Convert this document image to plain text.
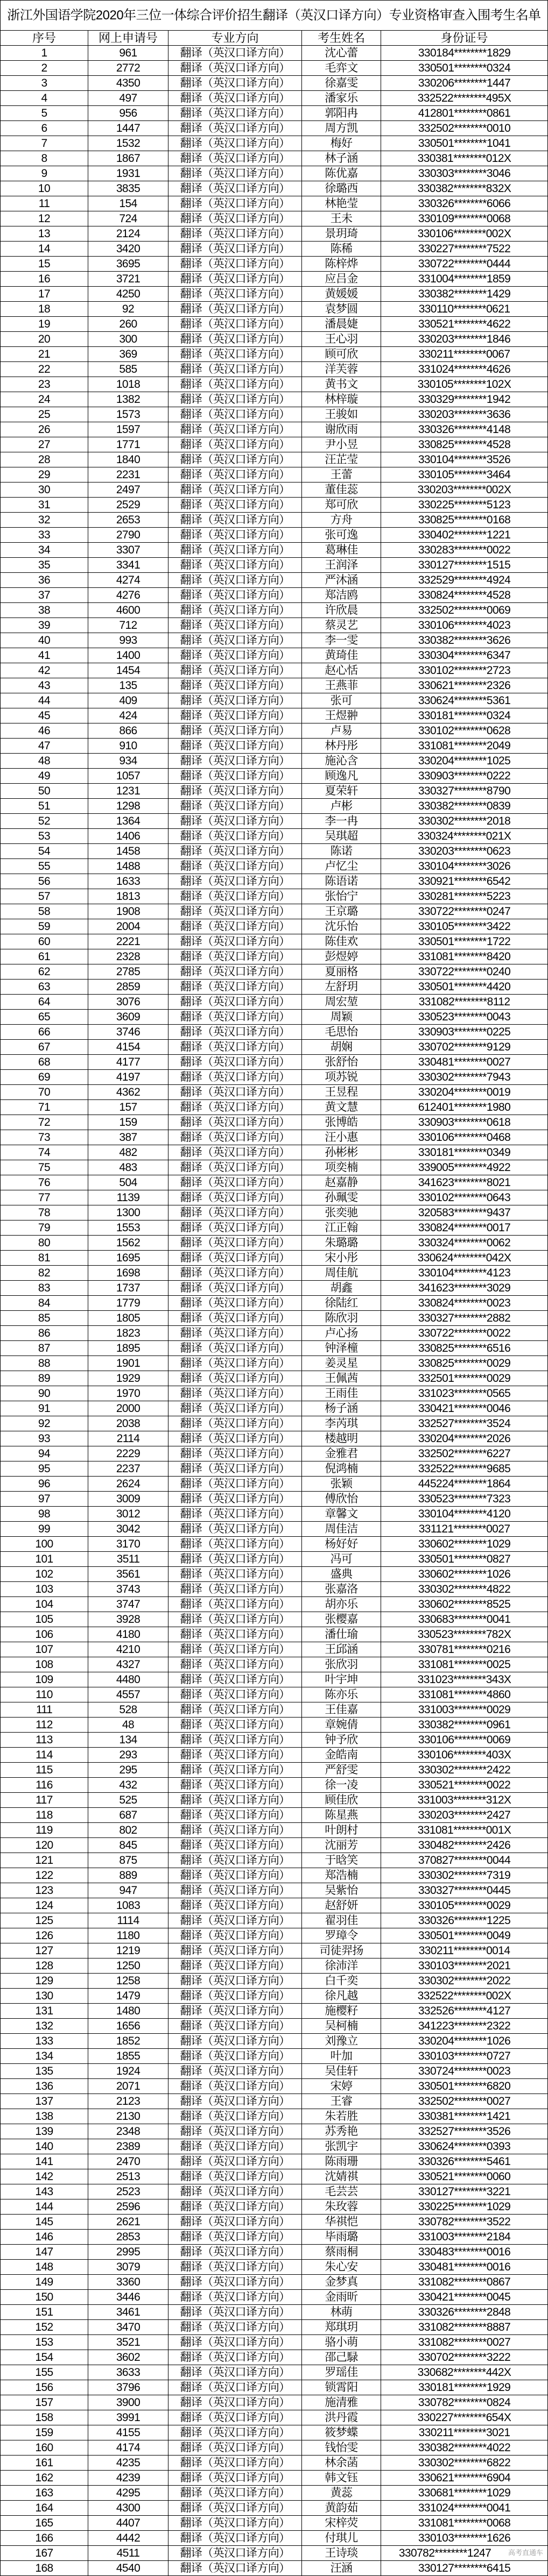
浙江外国语学院2020年三位一体综合评价招生翻译（英汉口译方向）专业资格审查入围考生名单
序号	网上申请号	专业方向	考生姓名	身份证号
1	961	翻译（英汉口译方向）	沈心蕾	330184********1829
2	2772	翻译（英汉口译方向）	毛弈文	330501********0324
3	4350	翻译（英汉口译方向）	徐嘉雯	330206********1447
4	497	翻译（英汉口译方向）	潘家乐	332522********495X
5	956	翻译（英汉口译方向）	郭阳冉	412801********0861
6	1447	翻译（英汉口译方向）	周方凯	332502********0010
7	1532	翻译（英汉口译方向）	梅好	330501********1041
8	1867	翻译（英汉口译方向）	林子涵	330381********012X
9	1931	翻译（英汉口译方向）	陈优嘉	330303********3046
10	3835	翻译（英汉口译方向）	徐璐西	330382********832X
11	154	翻译（英汉口译方向）	林艳莹	330326********6066
12	724	翻译（英汉口译方向）	王未	330109********0068
13	2124	翻译（英汉口译方向）	景玥琦	330106********002X
14	3420	翻译（英汉口译方向）	陈稀	330227********7522
15	3695	翻译（英汉口译方向）	陈梓烨	330722********0444
16	3721	翻译（英汉口译方向）	应吕金	331004********1859
17	4250	翻译（英汉口译方向）	黄媛媛	330382********1429
18	92	翻译（英汉口译方向）	袁梦圆	330110********0621
19	260	翻译（英汉口译方向）	潘晨婕	330521********4622
20	300	翻译（英汉口译方向）	王心羽	330203********1846
21	369	翻译（英汉口译方向）	顾可欣	330211********0067
22	585	翻译（英汉口译方向）	洋芙蓉	331024********4626
23	1018	翻译（英汉口译方向）	黄书文	330105********102X
24	1382	翻译（英汉口译方向）	林梓璇	330329********1942
25	1573	翻译（英汉口译方向）	王骏如	330203********3636
26	1597	翻译（英汉口译方向）	谢欣雨	330326********4148
27	1771	翻译（英汉口译方向）	尹小昱	330825********4528
28	1840	翻译（英汉口译方向）	汪芷莹	330104********3526
29	2231	翻译（英汉口译方向）	王蕾	330105********3464
30	2497	翻译（英汉口译方向）	董佳蕊	330203********002X
31	2529	翻译（英汉口译方向）	郑可欣	330225********5123
32	2653	翻译（英汉口译方向）	方舟	330825********0168
33	2790	翻译（英汉口译方向）	张可逸	330402********1221
34	3307	翻译（英汉口译方向）	葛琳佳	330283********0022
35	3341	翻译（英汉口译方向）	王润泽	330127********1515
36	4274	翻译（英汉口译方向）	严沐涵	332529********4924
37	4276	翻译（英汉口译方向）	郑洁鸥	330824********4528
38	4600	翻译（英汉口译方向）	许欣晨	332502********0069
39	712	翻译（英汉口译方向）	蔡灵艺	330106********4023
40	993	翻译（英汉口译方向）	李一雯	330382********3626
41	1400	翻译（英汉口译方向）	黄琦佳	330304********6347
42	1454	翻译（英汉口译方向）	赵心恬	330102********2723
43	135	翻译（英汉口译方向）	王燕菲	330621********2326
44	409	翻译（英汉口译方向）	张可	330624********5361
45	424	翻译（英汉口译方向）	王煜翀	330181********0324
46	866	翻译（英汉口译方向）	卢易	330102********0628
47	910	翻译（英汉口译方向）	林丹彤	331081********2049
48	934	翻译（英汉口译方向）	施沁含	330204********1025
49	1057	翻译（英汉口译方向）	顾逸凡	330903********0222
50	1231	翻译（英汉口译方向）	夏荣轩	330327********8790
51	1298	翻译（英汉口译方向）	卢彬	330382********0839
52	1364	翻译（英汉口译方向）	李一冉	330302********2018
53	1406	翻译（英汉口译方向）	吴琪超	330324********021X
54	1458	翻译（英汉口译方向）	陈诺	330203********0623
55	1488	翻译（英汉口译方向）	卢忆尘	330104********3026
56	1633	翻译（英汉口译方向）	陈语诺	330921********6542
57	1813	翻译（英汉口译方向）	张怡宁	330281********5223
58	1908	翻译（英汉口译方向）	王京璐	330722********0247
59	2004	翻译（英汉口译方向）	沈乐怡	330105********3422
60	2221	翻译（英汉口译方向）	陈佳欢	330501********1722
61	2328	翻译（英汉口译方向）	彭煜婷	331081********8420
62	2785	翻译（英汉口译方向）	夏丽格	330722********0240
63	2859	翻译（英汉口译方向）	左舒玥	330501********4420
64	3076	翻译（英汉口译方向）	周宏堃	331082********8112
65	3609	翻译（英汉口译方向）	周颖	330523********0043
66	3746	翻译（英汉口译方向）	毛思怡	330903********0225
67	4154	翻译（英汉口译方向）	胡娴	330702********9129
68	4177	翻译（英汉口译方向）	张舒怡	330481********0027
69	4197	翻译（英汉口译方向）	项苏锐	330302********7943
70	4362	翻译（英汉口译方向）	王昱程	330204********0019
71	157	翻译（英汉口译方向）	黄文慧	612401********1980
72	159	翻译（英汉口译方向）	张博皓	330903********0618
73	387	翻译（英汉口译方向）	汪小惠	330106********0468
74	482	翻译（英汉口译方向）	孙彬彬	330181********0349
75	483	翻译（英汉口译方向）	项奕楠	339005********4922
76	504	翻译（英汉口译方向）	赵嘉静	341623********8021
77	1139	翻译（英汉口译方向）	孙珮雯	330102********0643
78	1300	翻译（英汉口译方向）	张奕驰	320583********9437
79	1553	翻译（英汉口译方向）	江正翰	330824********0017
80	1562	翻译（英汉口译方向）	朱璐璐	330324********0062
81	1695	翻译（英汉口译方向）	宋小彤	330624********042X
82	1698	翻译（英汉口译方向）	周佳航	330104********4123
83	1737	翻译（英汉口译方向）	胡鑫	341623********3029
84	1779	翻译（英汉口译方向）	徐陆红	330824********0023
85	1805	翻译（英汉口译方向）	陈欣羽	330327********2882
86	1823	翻译（英汉口译方向）	卢心扬	330722********0022
87	1895	翻译（英汉口译方向）	钟泽橦	330825********6516
88	1901	翻译（英汉口译方向）	姜灵星	330825********0029
89	1929	翻译（英汉口译方向）	王佩茜	332501********0029
90	1970	翻译（英汉口译方向）	王雨佳	331023********0565
91	2000	翻译（英汉口译方向）	杨子涵	330421********0046
92	2038	翻译（英汉口译方向）	李芮琪	332527********3524
93	2114	翻译（英汉口译方向）	楼越明	330204********2026
94	2229	翻译（英汉口译方向）	金雅君	332502********6227
95	2237	翻译（英汉口译方向）	倪鸿楠	332522********9685
96	2624	翻译（英汉口译方向）	张颖	445224********1864
97	3009	翻译（英汉口译方向）	傅欣怡	330523********7323
98	3012	翻译（英汉口译方向）	章馨文	330104********4120
99	3042	翻译（英汉口译方向）	周佳洁	331121********0027
100	3170	翻译（英汉口译方向）	杨好好	330602********1029
101	3511	翻译（英汉口译方向）	冯可	330501********0827
102	3561	翻译（英汉口译方向）	盛典	330602********1026
103	3743	翻译（英汉口译方向）	张嘉洛	330302********4822
104	3747	翻译（英汉口译方向）	胡亦乐	330602********8525
105	3928	翻译（英汉口译方向）	张樱嘉	330683********0041
106	4180	翻译（英汉口译方向）	潘仕瑜	330523********782X
107	4210	翻译（英汉口译方向）	王邱涵	330781********0216
108	4327	翻译（英汉口译方向）	张欣羽	331081********0025
109	4480	翻译（英汉口译方向）	叶宇坤	331023********343X
110	4557	翻译（英汉口译方向）	陈亦乐	331081********4860
111	528	翻译（英汉口译方向）	王佳嘉	331003********0029
112	48	翻译（英汉口译方向）	章婉倩	330382********0961
113	134	翻译（英汉口译方向）	钟予欣	330106********0069
114	293	翻译（英汉口译方向）	金皓南	330106********403X
115	295	翻译（英汉口译方向）	严舒雯	330302********2422
116	432	翻译（英汉口译方向）	徐一凌	330521********0022
117	525	翻译（英汉口译方向）	顾佳欣	331003********312X
118	687	翻译（英汉口译方向）	陈星燕	330203********2427
119	802	翻译（英汉口译方向）	叶朗村	331081********001X
120	845	翻译（英汉口译方向）	沈丽芳	330482********2426
121	875	翻译（英汉口译方向）	于晗笑	370827********0044
122	889	翻译（英汉口译方向）	郑浩楠	330302********7319
123	947	翻译（英汉口译方向）	吴紫怡	330327********0445
124	1083	翻译（英汉口译方向）	赵舒妍	330105********0029
125	1114	翻译（英汉口译方向）	翟羽佳	330326********1225
126	1180	翻译（英汉口译方向）	罗璋令	330501********0049
127	1219	翻译（英汉口译方向）	司徒羿扬	330211********0014
128	1250	翻译（英汉口译方向）	徐沛洋	330103********2021
129	1258	翻译（英汉口译方向）	白千奕	330302********2022
130	1479	翻译（英汉口译方向）	徐凡越	332522********002X
131	1480	翻译（英汉口译方向）	施樱籽	332526********4127
132	1656	翻译（英汉口译方向）	吴柯楠	341223********2322
133	1852	翻译（英汉口译方向）	刘豫立	330204********1026
134	1855	翻译（英汉口译方向）	叶加	330103********0727
135	1924	翻译（英汉口译方向）	吴佳轩	330724********0023
136	2071	翻译（英汉口译方向）	宋婷	330501********6820
137	2123	翻译（英汉口译方向）	王睿	332502********0027
138	2130	翻译（英汉口译方向）	朱若胜	330381********1421
139	2348	翻译（英汉口译方向）	苏秀艳	332527********3526
140	2389	翻译（英汉口译方向）	张凯宇	330624********0393
141	2470	翻译（英汉口译方向）	陈雨珊	330326********5461
142	2513	翻译（英汉口译方向）	沈婧祺	330521********0060
143	2523	翻译（英汉口译方向）	毛芸芸	330127********3221
144	2596	翻译（英汉口译方向）	朱玫蓉	330225********1029
145	2621	翻译（英汉口译方向）	华祺恺	330782********3522
146	2853	翻译（英汉口译方向）	毕雨璐	331003********2184
147	2995	翻译（英汉口译方向）	蔡雨桐	330483********0016
148	3079	翻译（英汉口译方向）	朱心安	330481********0016
149	3360	翻译（英汉口译方向）	金梦真	331082********0867
150	3446	翻译（英汉口译方向）	金雨昕	330421********0045
151	3461	翻译（英汉口译方向）	林萌	330326********2848
152	3470	翻译（英汉口译方向）	郑琪玥	331082********8887
153	3521	翻译（英汉口译方向）	骆小萌	331082********0027
154	3602	翻译（英汉口译方向）	邵己騄	330702********3222
155	3633	翻译（英汉口译方向）	罗瑶佳	330682********442X
156	3796	翻译（英汉口译方向）	锁霄阳	330181********1929
157	3900	翻译（英汉口译方向）	施清雅	330782********0824
158	3991	翻译（英汉口译方向）	洪丹霞	330227********654X
159	4155	翻译（英汉口译方向）	筱梦蝶	330211********3021
160	4174	翻译（英汉口译方向）	钱怡雯	330382********4022
161	4235	翻译（英汉口译方向）	林余菡	330302********6822
162	4239	翻译（英汉口译方向）	韩文钰	330621********6904
163	4295	翻译（英汉口译方向）	黄蕊	330681********1029
164	4300	翻译（英汉口译方向）	黄韵茹	331024********0041
165	4407	翻译（英汉口译方向）	宋梓荧	331081********0068
166	4442	翻译（英汉口译方向）	付琪儿	330103********1626
167	4511	翻译（英汉口译方向）	王诗琰	330782********1247
168	4540	翻译（英汉口译方向）	汪涵	330127********6415
高考直通车
